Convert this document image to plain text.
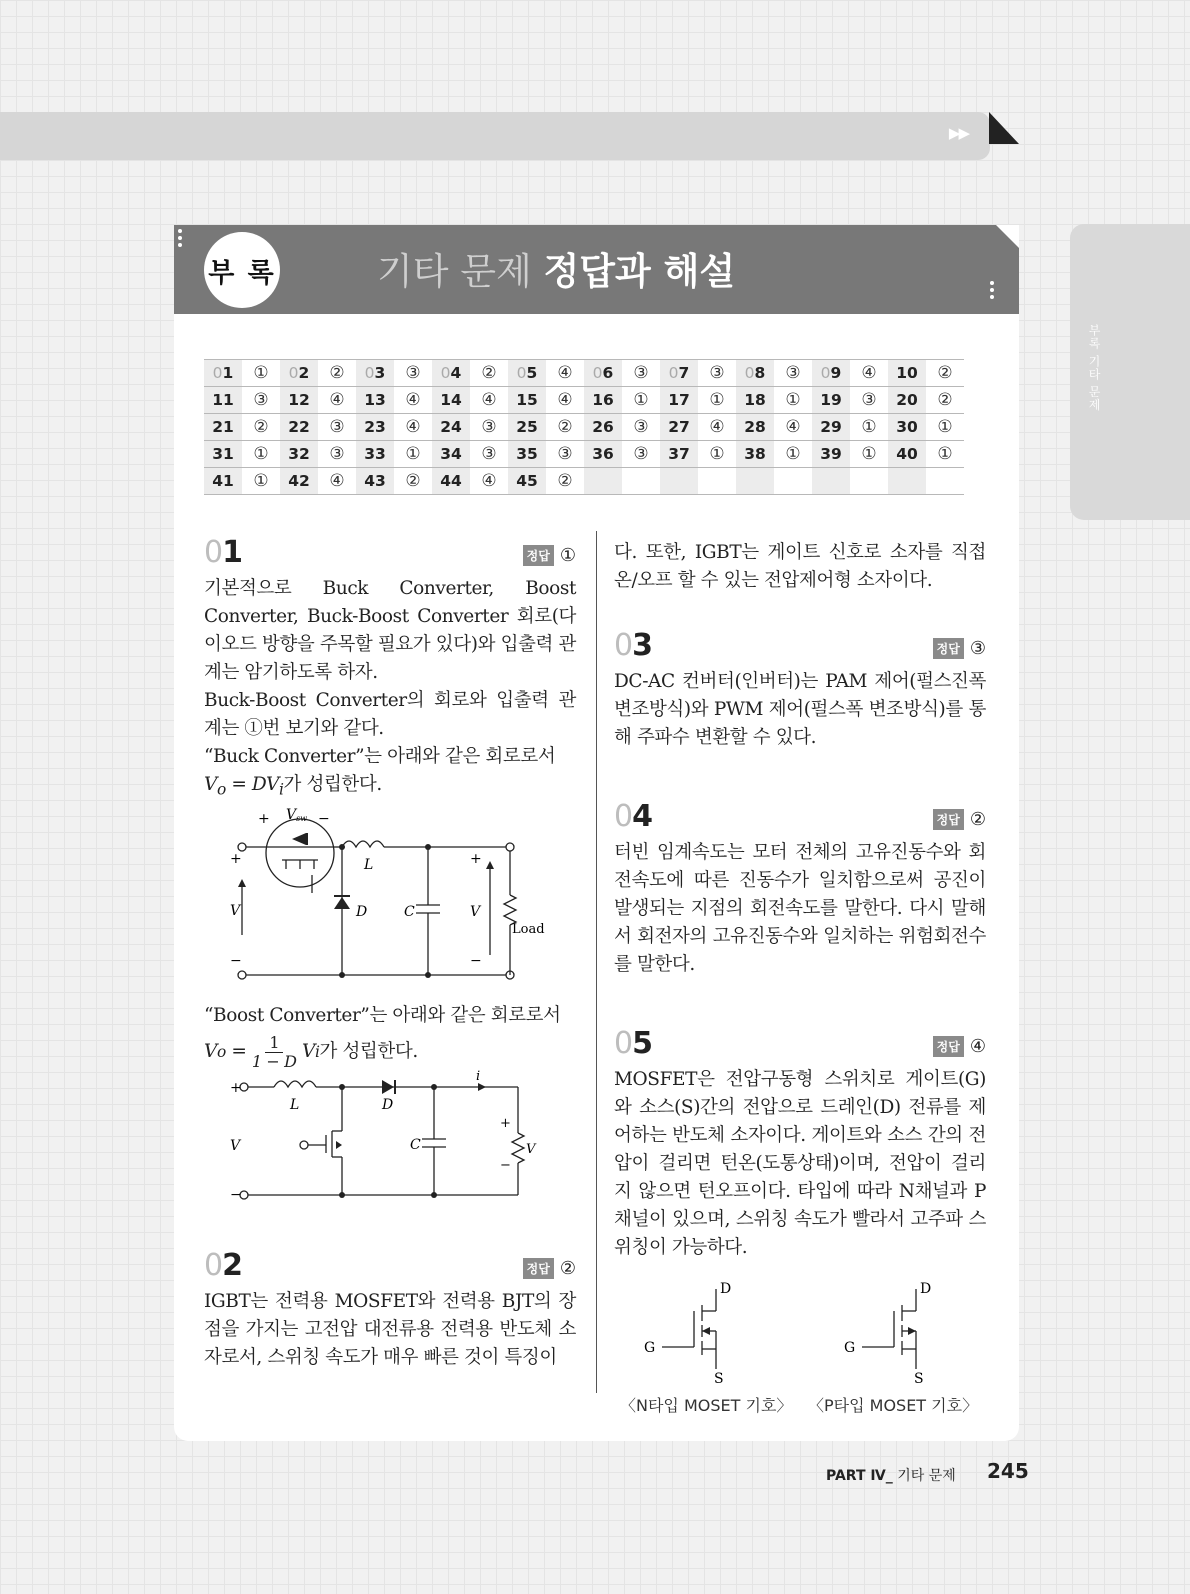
▶▶
부록 기타 문제
부 록	기타 문제 정답과 해설
01	①	02	②	03	③	04	②	05	④	06	③	07	③	08	③	09	④	10	②
11	③	12	④	13	④	14	④	15	④	16	①	17	①	18	①	19	③	20	②
21	②	22	③	23	④	24	③	25	②	26	③	27	④	28	④	29	①	30	①
31	①	32	③	33	①	34	③	35	③	36	③	37	①	38	①	39	①	40	①
41	①	42	④	43	②	44	④	45	②										
01	정답 ①

기본적으로 Buck Converter, Boost Converter, Buck-Boost Converter 회로(다이오드 방향을 주목할 필요가 있다)와 입출력 관계는 암기하도록 하자.

Buck-Boost Converter의 회로와 입출력 관계는 ①번 보기와 같다.

“Buck Converter”는 아래와 같은 회로로서

$V_o = DV_i$가 성립한다.

+ Vsw −
+
V
−
L
D	C
+
V
−
Load

“Boost Converter”는 아래와 같은 회로로서

V $o = \frac{1}{1 - D}$ V i 가 성립한다.

+
V
−
L	D
C
i
+
V
−
02	정답 ②
IGBT는 전력용 MOSFET와 전력용 BJT의 장점을 가지는 고전압 대전류용 전력용 반도체 소자로서, 스위칭 속도가 매우 빠른 것이 특징이
다. 또한, IGBT는 게이트 신호로 소자를 직접 온/오프 할 수 있는 전압제어형 소자이다.
03	정답 ③
DC-AC 컨버터(인버터)는 PAM 제어(펄스진폭 변조방식)와 PWM 제어(펄스폭 변조방식)를 통해 주파수 변환할 수 있다.
04	정답 ②
터빈 임계속도는 모터 전체의 고유진동수와 회전속도에 따른 진동수가 일치함으로써 공진이 발생되는 지점의 회전속도를 말한다. 다시 말해서 회전자의 고유진동수와 일치하는 위험회전수를 말한다.
05	정답 ④
MOSFET은 전압구동형 스위치로 게이트(G)와 소스(S)간의 전압으로 드레인(D) 전류를 제어하는 반도체 소자이다. 게이트와 소스 간의 전압이 걸리면 턴온(도통상태)이며, 전압이 걸리지 않으면 턴오프이다. 타입에 따라 N채널과 P채널이 있으며, 스위칭 속도가 빨라서 고주파 스위칭이 가능하다.
D
G
S
D
G
S
〈N타입 MOSET 기호〉 〈P타입 MOSET 기호〉
PART Ⅳ_ 기타 문제 245
